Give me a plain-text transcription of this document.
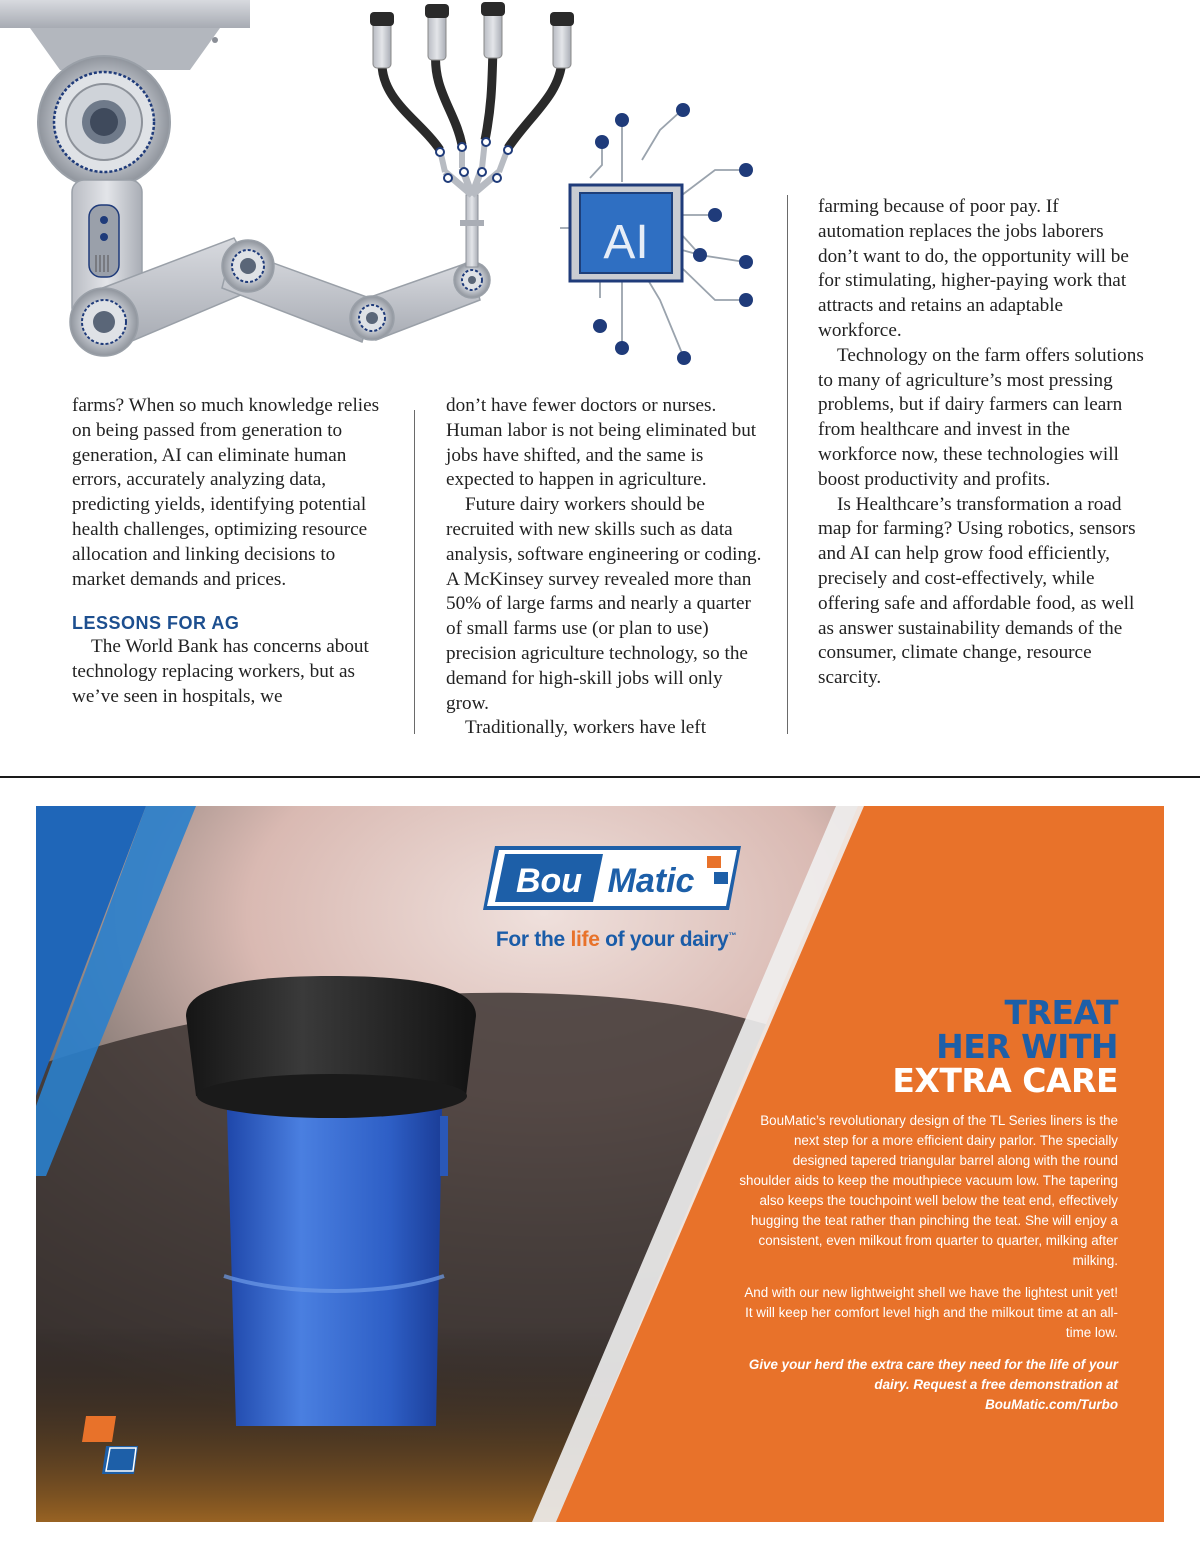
AI

farms? When so much knowledge relies on being passed from generation to generation, AI can eliminate human errors, accurately analyzing data, predicting yields, identifying potential health challenges, optimizing resource allocation and linking decisions to market demands and prices.

LESSONS FOR AG

The World Bank has concerns about technology replacing workers, but as we’ve seen in hospitals, we

don’t have fewer doctors or nurses. Human labor is not being eliminated but jobs have shifted, and the same is expected to happen in agriculture.

Future dairy workers should be recruited with new skills such as data analysis, software engineering or coding. A McKinsey survey revealed more than 50% of large farms and nearly a quarter of small farms use (or plan to use) precision agriculture technology, so the demand for high-skill jobs will only grow.

Traditionally, workers have left

farming because of poor pay. If automation replaces the jobs laborers don’t want to do, the opportunity will be for stimulating, higher-paying work that attracts and retains an adaptable workforce.

Technology on the farm offers solutions to many of agriculture’s most pressing problems, but if dairy farmers can learn from healthcare and invest in the workforce now, these technologies will boost productivity and profits.

Is Healthcare’s transformation a road map for farming? Using robotics, sensors and AI can help grow food efficiently, precisely and cost-effectively, while offering safe and affordable food, as well as answer sustainability demands of the consumer, climate change, resource scarcity.

Bou Matic
For the life of your dairy™
TREAT
HER WITH
EXTRA CARE

BouMatic’s revolutionary design of the TL Series liners is the next step for a more efficient dairy parlor. The specially designed tapered triangular barrel along with the round shoulder aids to keep the mouthpiece vacuum low. The tapering also keeps the touchpoint well below the teat end, effectively hugging the teat rather than pinching the teat. She will enjoy a consistent, even milkout from quarter to quarter, milking after milking.

And with our new lightweight shell we have the lightest unit yet! It will keep her comfort level high and the milkout time at an all-time low.

Give your herd the extra care they need for the life of your dairy. Request a free demonstration at BouMatic.com/Turbo
